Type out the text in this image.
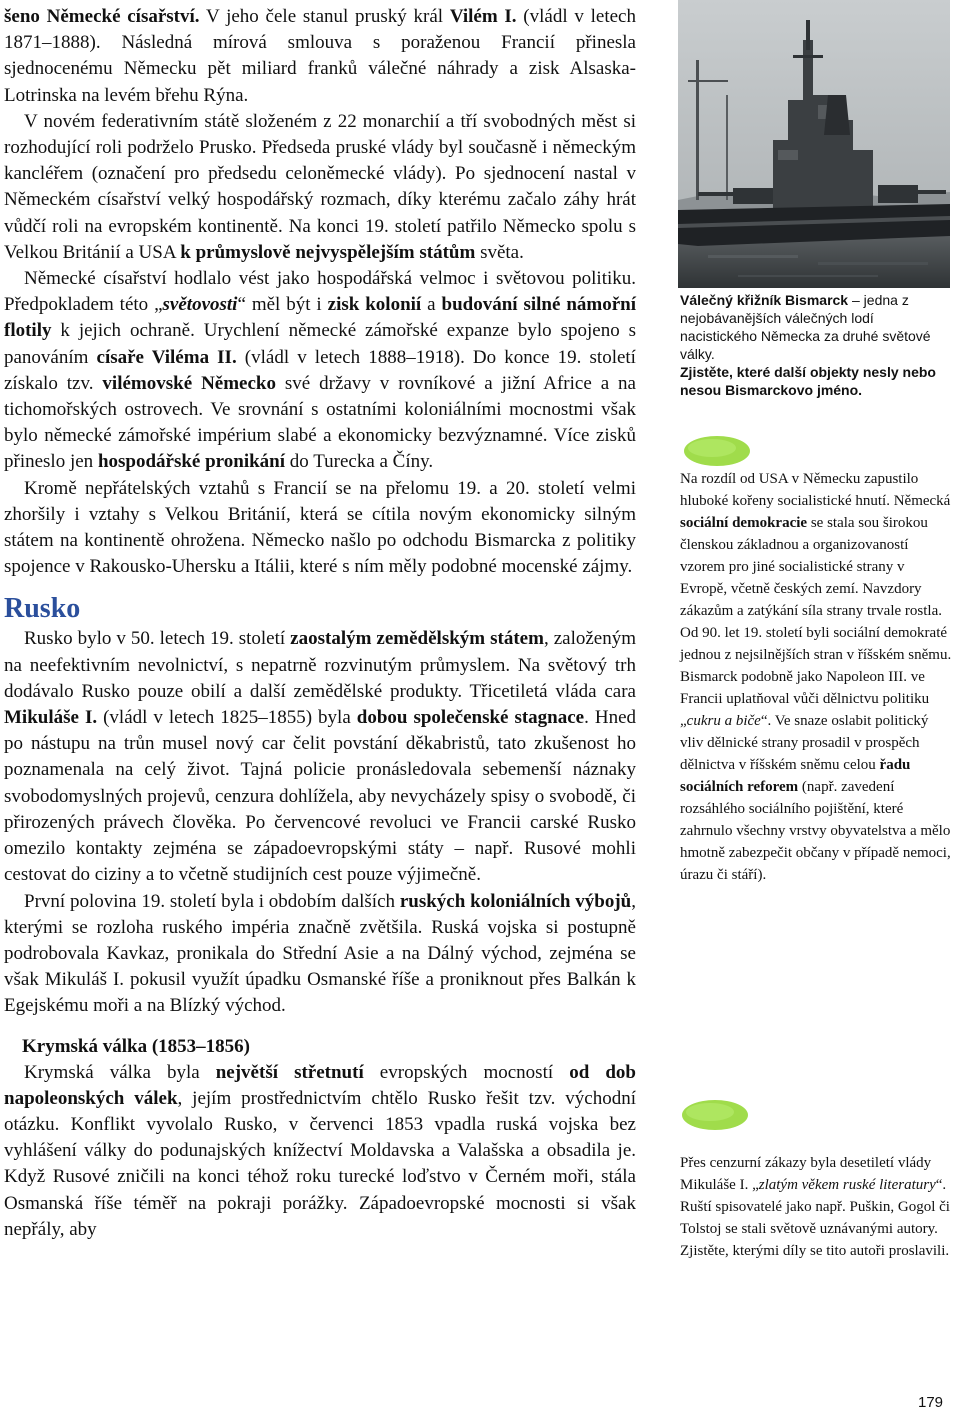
šeno Německé císařství. V jeho čele stanul pruský král Vilém I. (vládl v letech 1871–1888). Následná mírová smlouva s poraženou Francií přinesla sjednocenému Německu pět miliard franků válečné náhrady a zisk Alsaska-Lotrinska na levém břehu Rýna.

V novém federativním státě složeném z 22 monarchií a tří svobodných měst si rozhodující roli podrželo Prusko. Předseda pruské vlády byl současně i německým kancléřem (označení pro předsedu celoněmecké vlády). Po sjednocení nastal v Německém císařství velký hospodářský rozmach, díky kterému začalo záhy hrát vůdčí roli na evropském kontinentě. Na konci 19. století patřilo Německo spolu s Velkou Británií a USA k průmyslově nejvyspělejším státům světa.

Německé císařství hodlalo vést jako hospodářská velmoc i světovou politiku. Předpokladem této „světovosti“ měl být i zisk kolonií a budování silné námořní flotily k jejich ochraně. Urychlení německé zámořské expanze bylo spojeno s panováním císaře Viléma II. (vládl v letech 1888–1918). Do konce 19. století získalo tzv. vilémovské Německo své državy v rovníkové a jižní Africe a na tichomořských ostrovech. Ve srovnání s ostatními koloniálními mocnostmi však bylo německé zámořské impérium slabé a ekonomicky bezvýznamné. Více zisků přineslo jen hospodářské pronikání do Turecka a Číny.

Kromě nepřátelských vztahů s Francií se na přelomu 19. a 20. století velmi zhoršily i vztahy s Velkou Británií, která se cítila novým ekonomicky silným státem na kontinentě ohrožena. Německo našlo po odchodu Bismarcka z politiky spojence v Rakousko-Uhersku a Itálii, které s ním měly podobné mocenské zájmy.

Rusko

Rusko bylo v 50. letech 19. století zaostalým zemědělským státem, založeným na neefektivním nevolnictví, s nepatrně rozvinutým průmyslem. Na světový trh dodávalo Rusko pouze obilí a další zemědělské produkty. Třicetiletá vláda cara Mikuláše I. (vládl v letech 1825–1855) byla dobou společenské stagnace. Hned po nástupu na trůn musel nový car čelit povstání děkabristů, tato zkušenost ho poznamenala na celý život. Tajná policie pronásledovala sebemenší náznaky svobodomyslných projevů, cenzura dohlížela, aby nevycházely spisy o svobodě, či přirozených právech člověka. Po červencové revoluci ve Francii carské Rusko omezilo kontakty zejména se západoevropskými státy – např. Rusové mohli cestovat do ciziny a to včetně studijních cest pouze výjimečně.

První polovina 19. století byla i obdobím dalších ruských koloniálních výbojů, kterými se rozloha ruského impéria značně zvětšila. Ruská vojska si postupně podrobovala Kavkaz, pronikala do Střední Asie a na Dálný východ, zejména se však Mikuláš I. pokusil využít úpadku Osmanské říše a proniknout přes Balkán k Egejskému moři a na Blízký východ.

Krymská válka (1853–1856)

Krymská válka byla největší střetnutí evropských mocností od dob napoleonských válek, jejím prostřednictvím chtělo Rusko řešit tzv. východní otázku. Konflikt vyvolalo Rusko, v červenci 1853 vpadla ruská vojska bez vyhlášení války do podunajských knížectví Moldavska a Valašska a obsadila je. Když Rusové zničili na konci téhož roku turecké loďstvo v Černém moři, stála Osmanská říše téměř na pokraji porážky. Západoevropské mocnosti si však nepřály, aby

Válečný křižník Bismarck – jedna z nejobávanějších válečných lodí nacistického Německa za druhé světové války.
Zjistěte, které další objekty nesly nebo nesou Bismarckovo jméno.
Na rozdíl od USA v Německu zapustilo hluboké kořeny socialistické hnutí. Německá sociální demokracie se stala sou širokou členskou základnou a organizovaností vzorem pro jiné socialistické strany v Evropě, včetně českých zemí. Navzdory zákazům a zatýkání síla strany trvale rostla. Od 90. let 19. století byli sociální demokraté jednou z nejsilnějších stran v říšském sněmu. Bismarck podobně jako Napoleon III. ve Francii uplatňoval vůči dělnictvu politiku „cukru a biče“. Ve snaze oslabit politický vliv dělnické strany prosadil v prospěch dělnictva v říšském sněmu celou řadu sociálních reforem (např. zavedení rozsáhlého sociálního pojištění, které zahrnulo všechny vrstvy obyvatelstva a mělo hmotně zabezpečit občany v případě nemoci, úrazu či stáří).
Přes cenzurní zákazy byla desetiletí vlády Mikuláše I. „zlatým věkem ruské literatury“. Ruští spisovatelé jako např. Puškin, Gogol či Tolstoj se stali světově uznávanými autory. Zjistěte, kterými díly se tito autoři proslavili.
179
